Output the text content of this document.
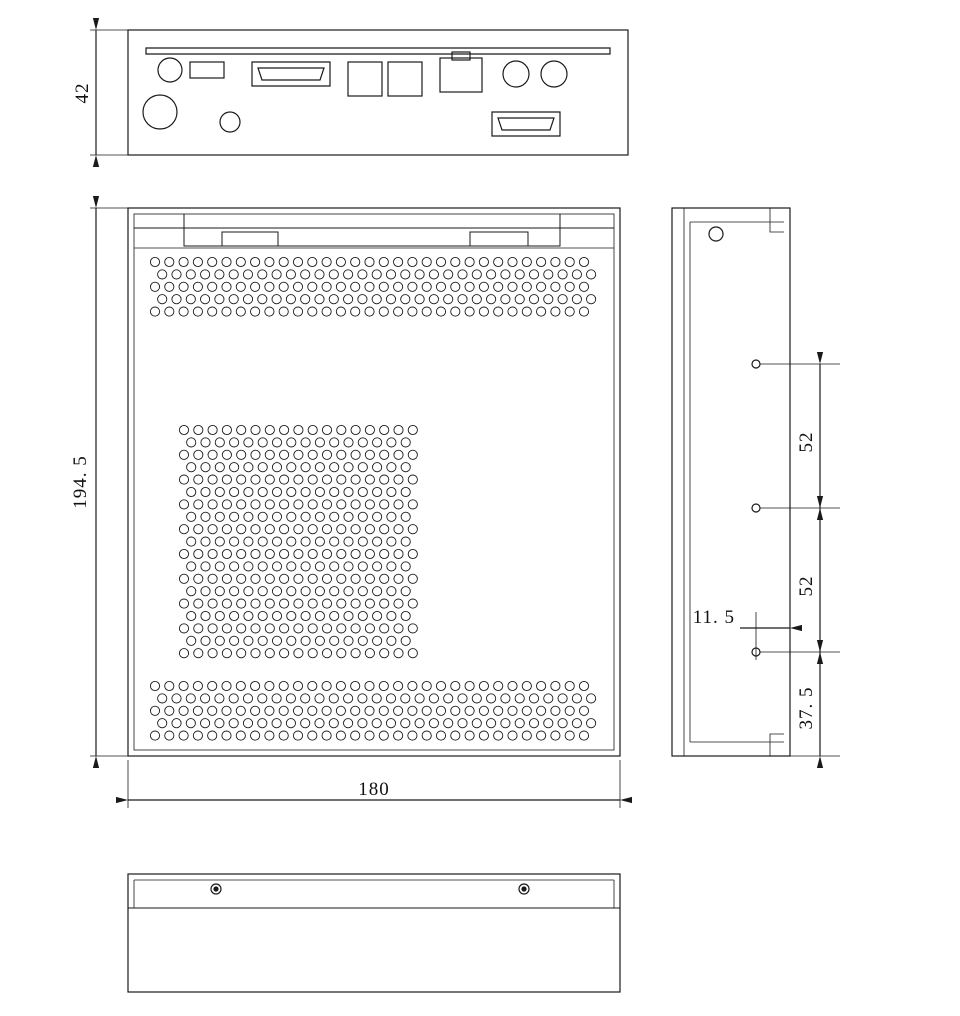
42
194. 5
180
52
52
37. 5
11. 5
